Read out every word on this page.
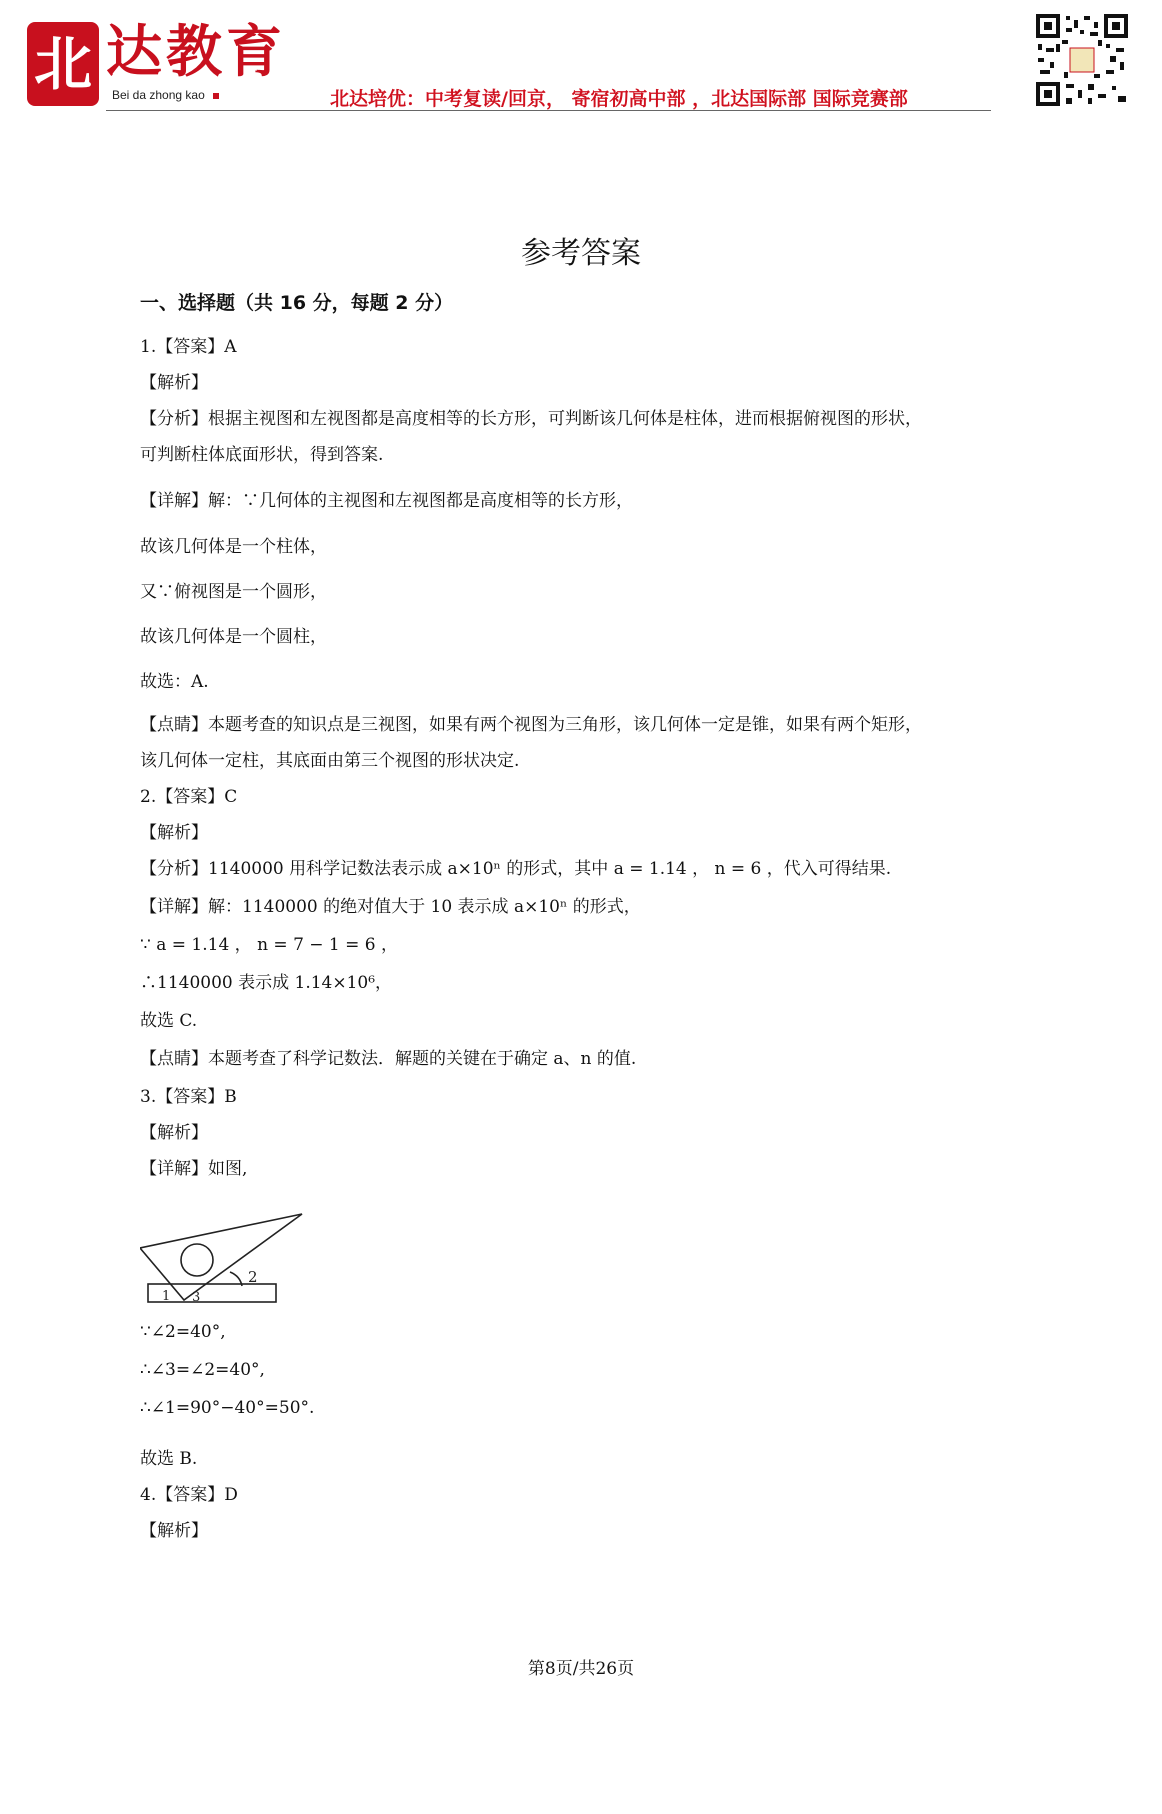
北 达教育
Bei da zhong kao	北达培优：中考复读/回京， 寄宿初高中部 ，北达国际部 国际竞赛部
参考答案
一、选择题（共 16 分，每题 2 分）
1.【答案】A
【解析】
【分析】根据主视图和左视图都是高度相等的长方形，可判断该几何体是柱体，进而根据俯视图的形状，
可判断柱体底面形状，得到答案.
【详解】解：∵几何体的主视图和左视图都是高度相等的长方形，
故该几何体是一个柱体，
又∵俯视图是一个圆形，
故该几何体是一个圆柱，
故选：A.
【点睛】本题考查的知识点是三视图，如果有两个视图为三角形，该几何体一定是锥，如果有两个矩形，
该几何体一定柱，其底面由第三个视图的形状决定.
2.【答案】C
【解析】
【分析】1140000 用科学记数法表示成 a×10ⁿ 的形式，其中 a = 1.14 ， n = 6 ，代入可得结果.
【详解】解：1140000 的绝对值大于 10 表示成 a×10ⁿ 的形式，
∵ a = 1.14 ， n = 7 − 1 = 6 ，
∴1140000 表示成 1.14×10⁶，
故选 C.
【点睛】本题考查了科学记数法．解题的关键在于确定 a、n 的值.
3.【答案】B
【解析】
【详解】如图,
∵∠2=40°,
∴∠3=∠2=40°,
∴∠1=90°−40°=50°.
故选 B.
4.【答案】D
【解析】
2
1 3
第8页/共26页
